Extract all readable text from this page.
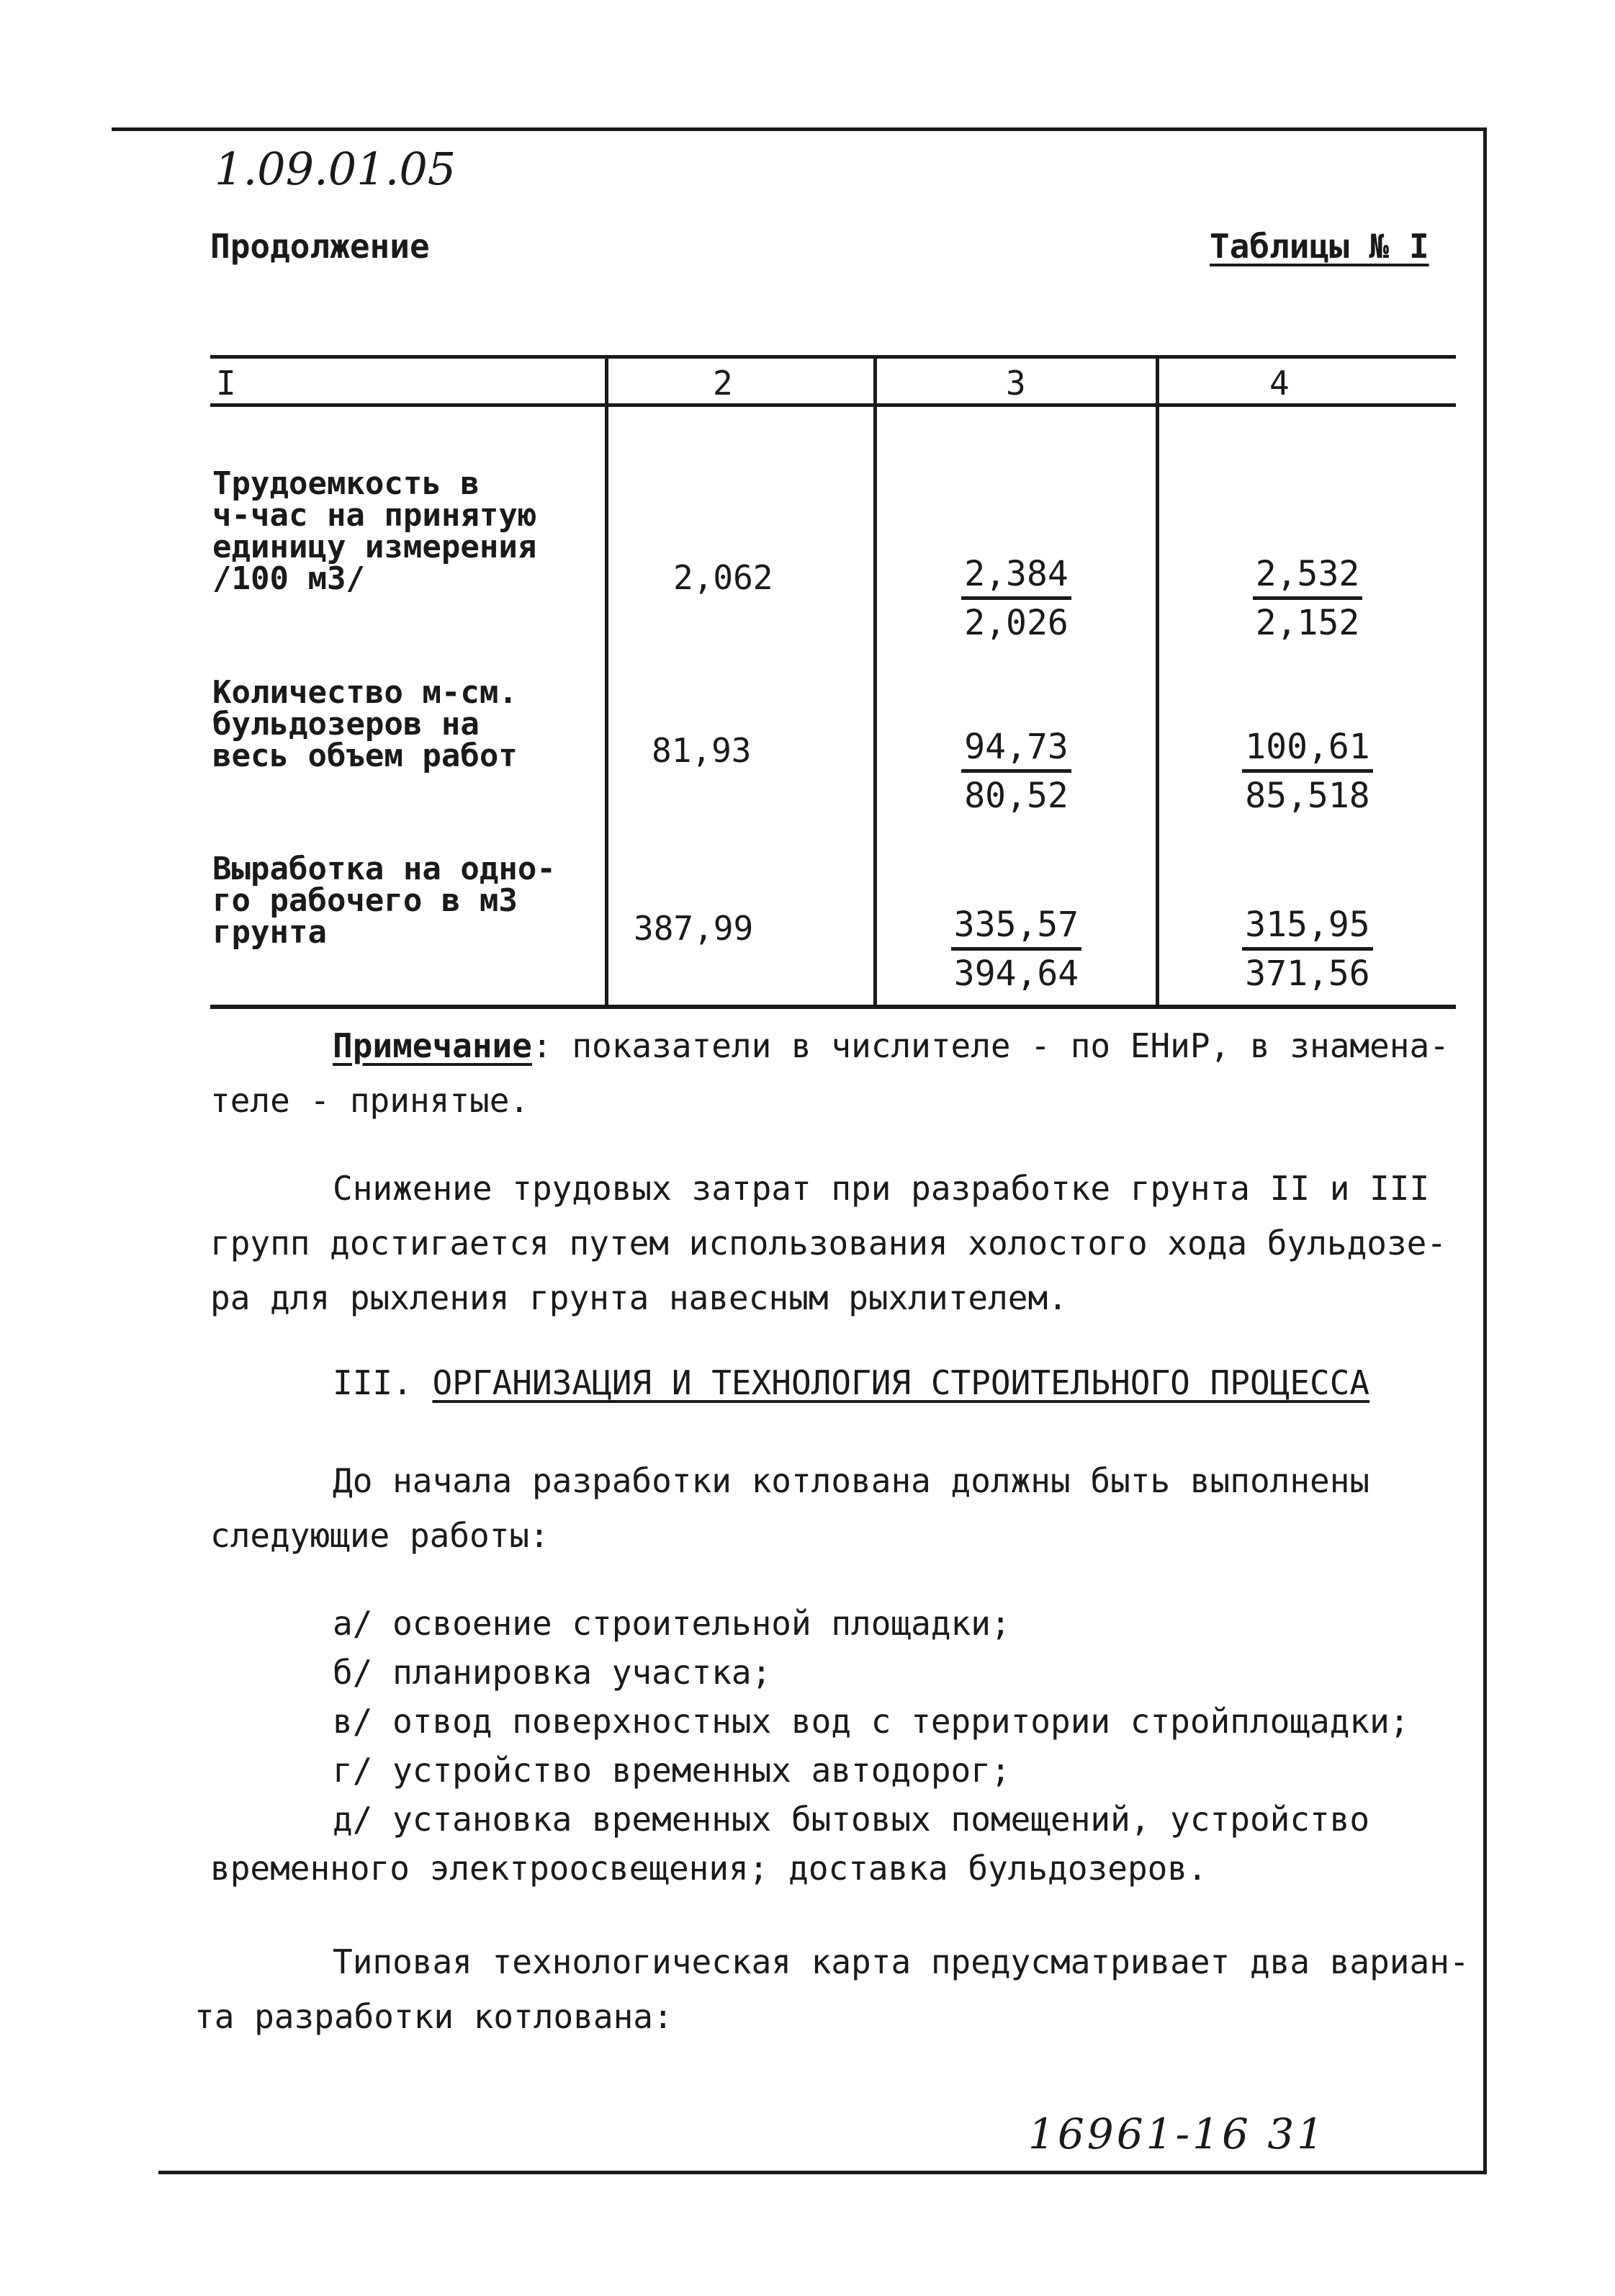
1.09.01.05
Продолжение	Таблицы № I
I	2	3	4
Трудоемкость в
ч-час на принятую
единицу измерения
/100 м3/	2,062	$\frac{2,384}{2,026} \frac{2,532}{2,152}$
Количество м-см.
бульдозеров на
весь объем работ	81,93	$\frac{94,73}{80,52} \frac{100,61}{85,518}$
Выработка на одно-
го рабочего в м3
грунта	387,99	$\frac{335,57}{394,64} \frac{315,95}{371,56}$
Примечание: показатели в числителе - по ЕНиР, в знамена-
теле - принятые.
Снижение трудовых затрат при разработке грунта II и III
групп достигается путем использования холостого хода бульдозе-
ра для рыхления грунта навесным рыхлителем.
III. ОРГАНИЗАЦИЯ И ТЕХНОЛОГИЯ СТРОИТЕЛЬНОГО ПРОЦЕССА
До начала разработки котлована должны быть выполнены
следующие работы:
а/ освоение строительной площадки;
б/ планировка участка;
в/ отвод поверхностных вод с территории стройплощадки;
г/ устройство временных автодорог;
д/ установка временных бытовых помещений, устройство
временного электроосвещения; доставка бульдозеров.
Типовая технологическая карта предусматривает два вариан-
та разработки котлована:
16961-16 31
